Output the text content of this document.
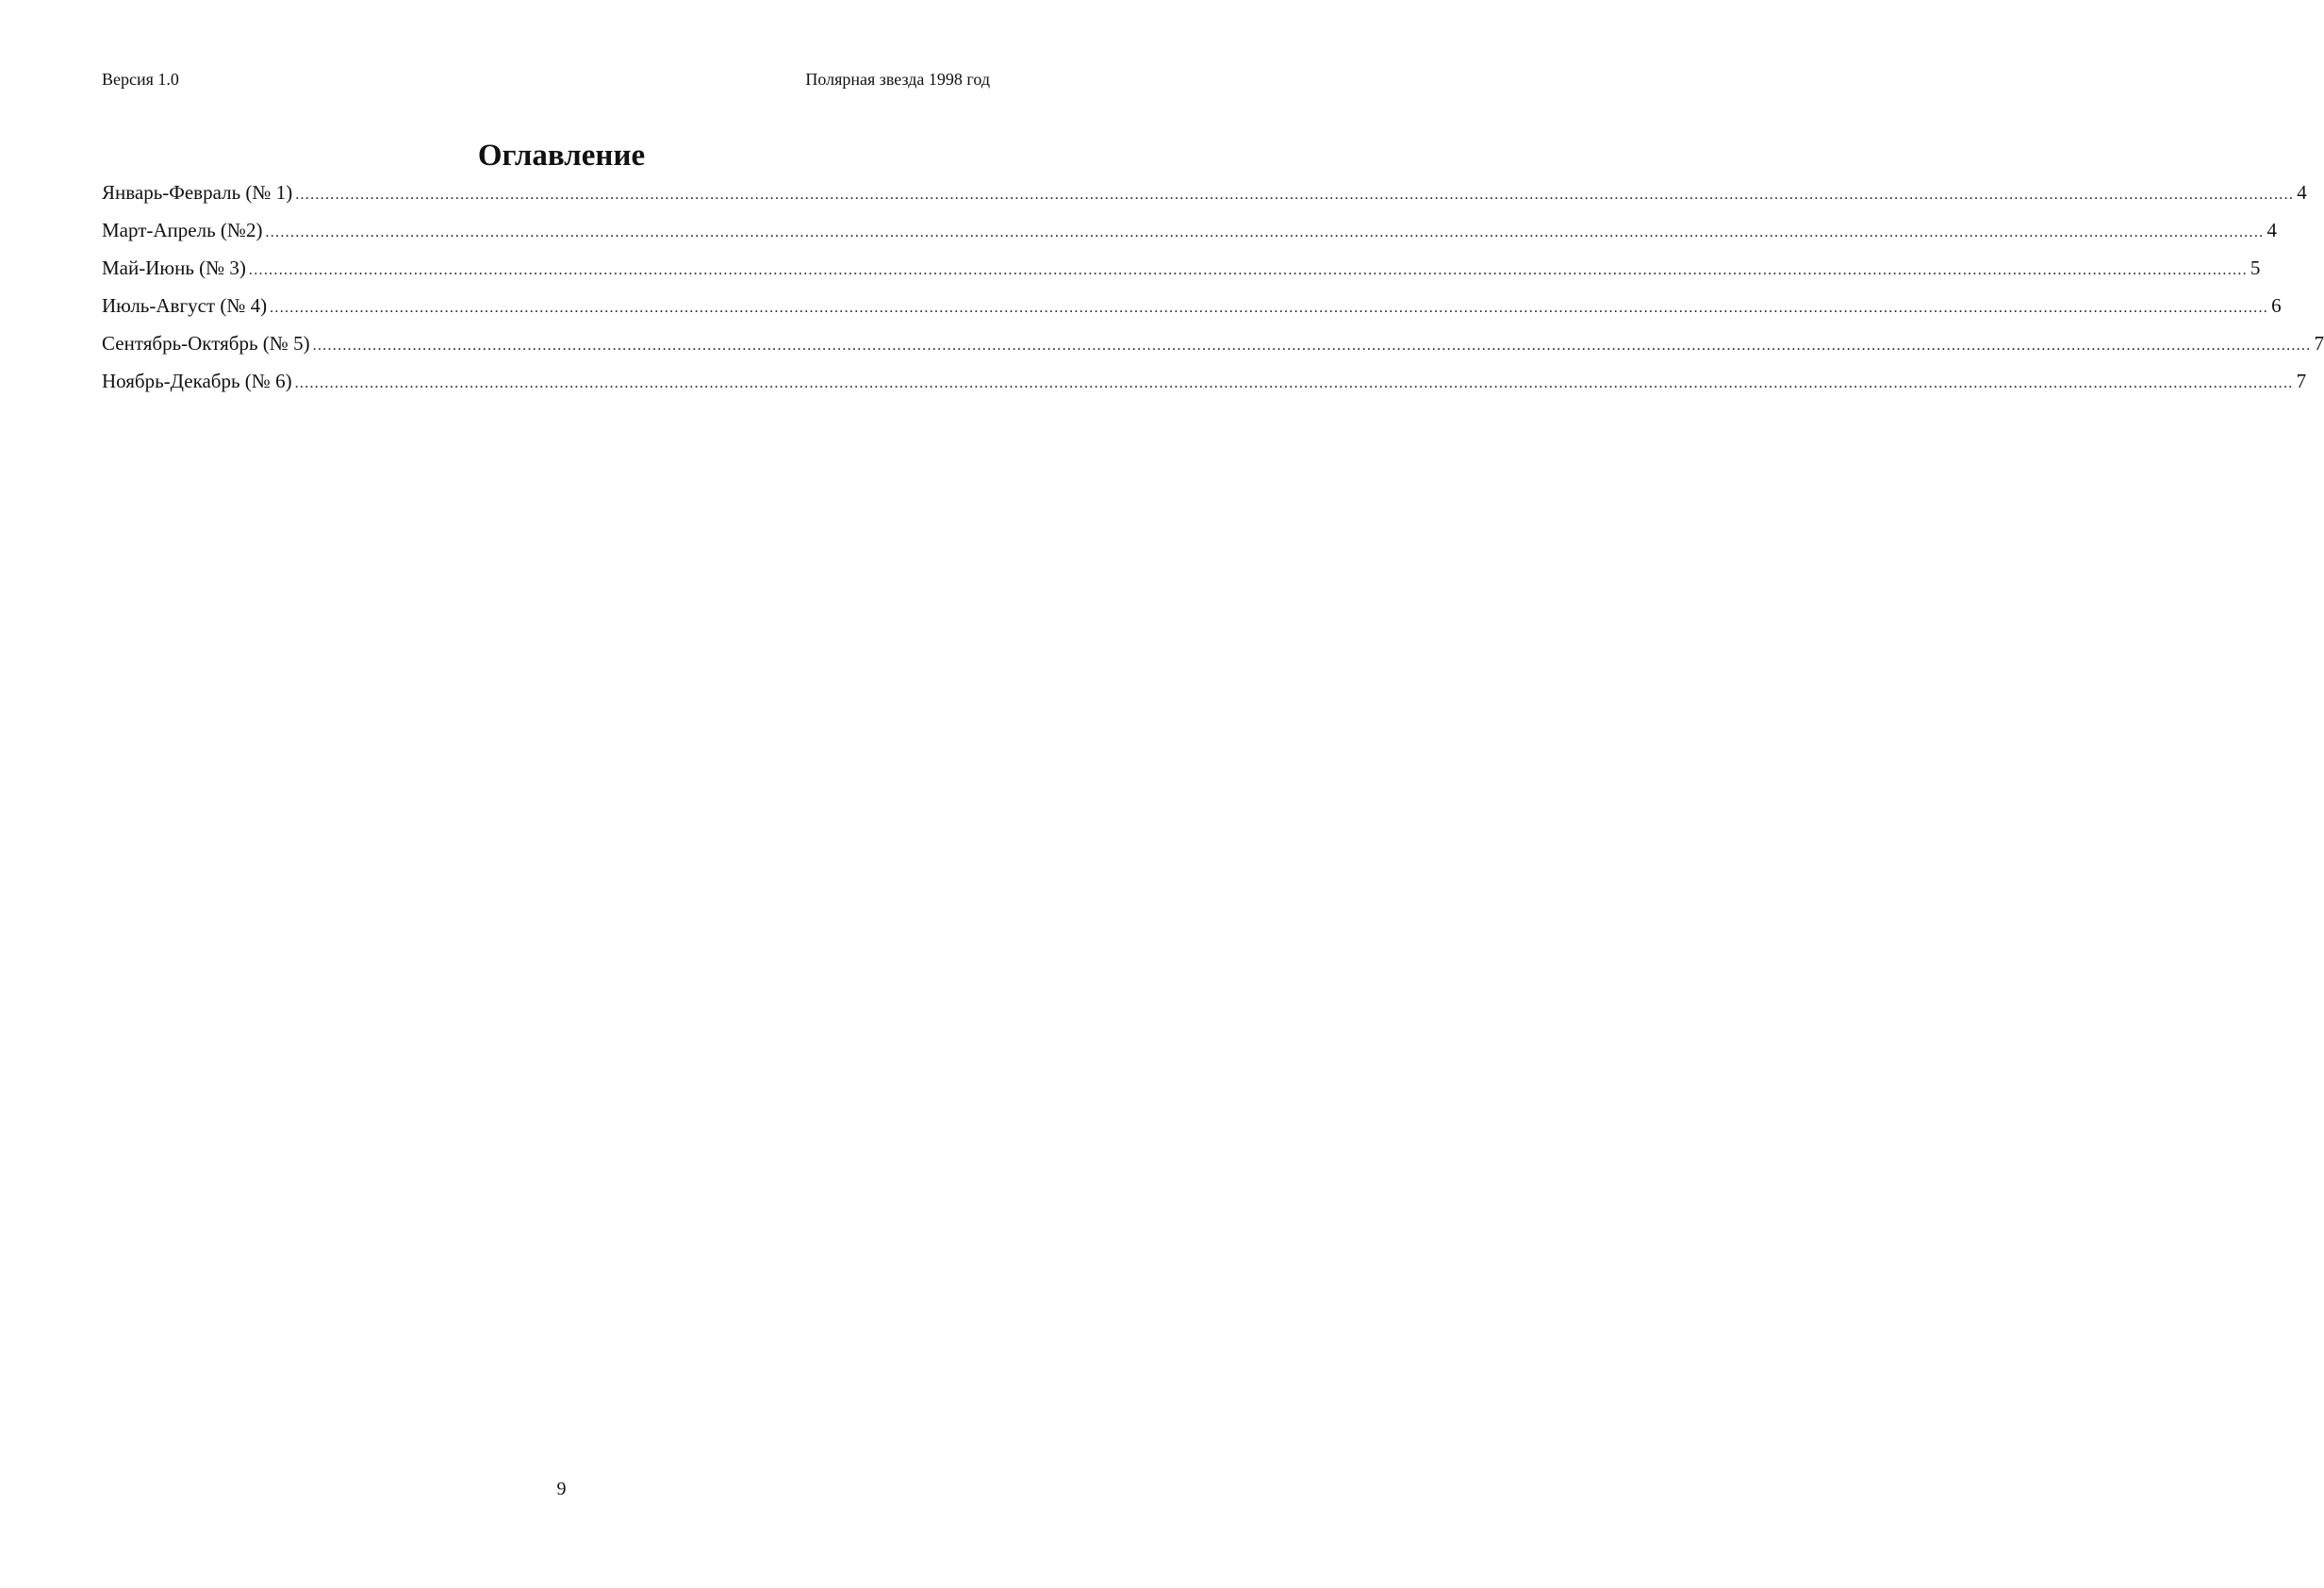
Версия 1.0	Полярная звезда 1998 год
Оглавление
Январь-Февраль (№ 1) ................................................................................................................................................................................................................................................................................................................................................................................................................ 4
Март-Апрель (№2) ................................................................................................................................................................................................................................................................................................................................................................................................................ 4
Май-Июнь (№ 3) ................................................................................................................................................................................................................................................................................................................................................................................................................ 5
Июль-Август (№ 4) ................................................................................................................................................................................................................................................................................................................................................................................................................ 6
Сентябрь-Октябрь (№ 5) ................................................................................................................................................................................................................................................................................................................................................................................................................ 7
Ноябрь-Декабрь (№ 6) ................................................................................................................................................................................................................................................................................................................................................................................................................ 7
9
